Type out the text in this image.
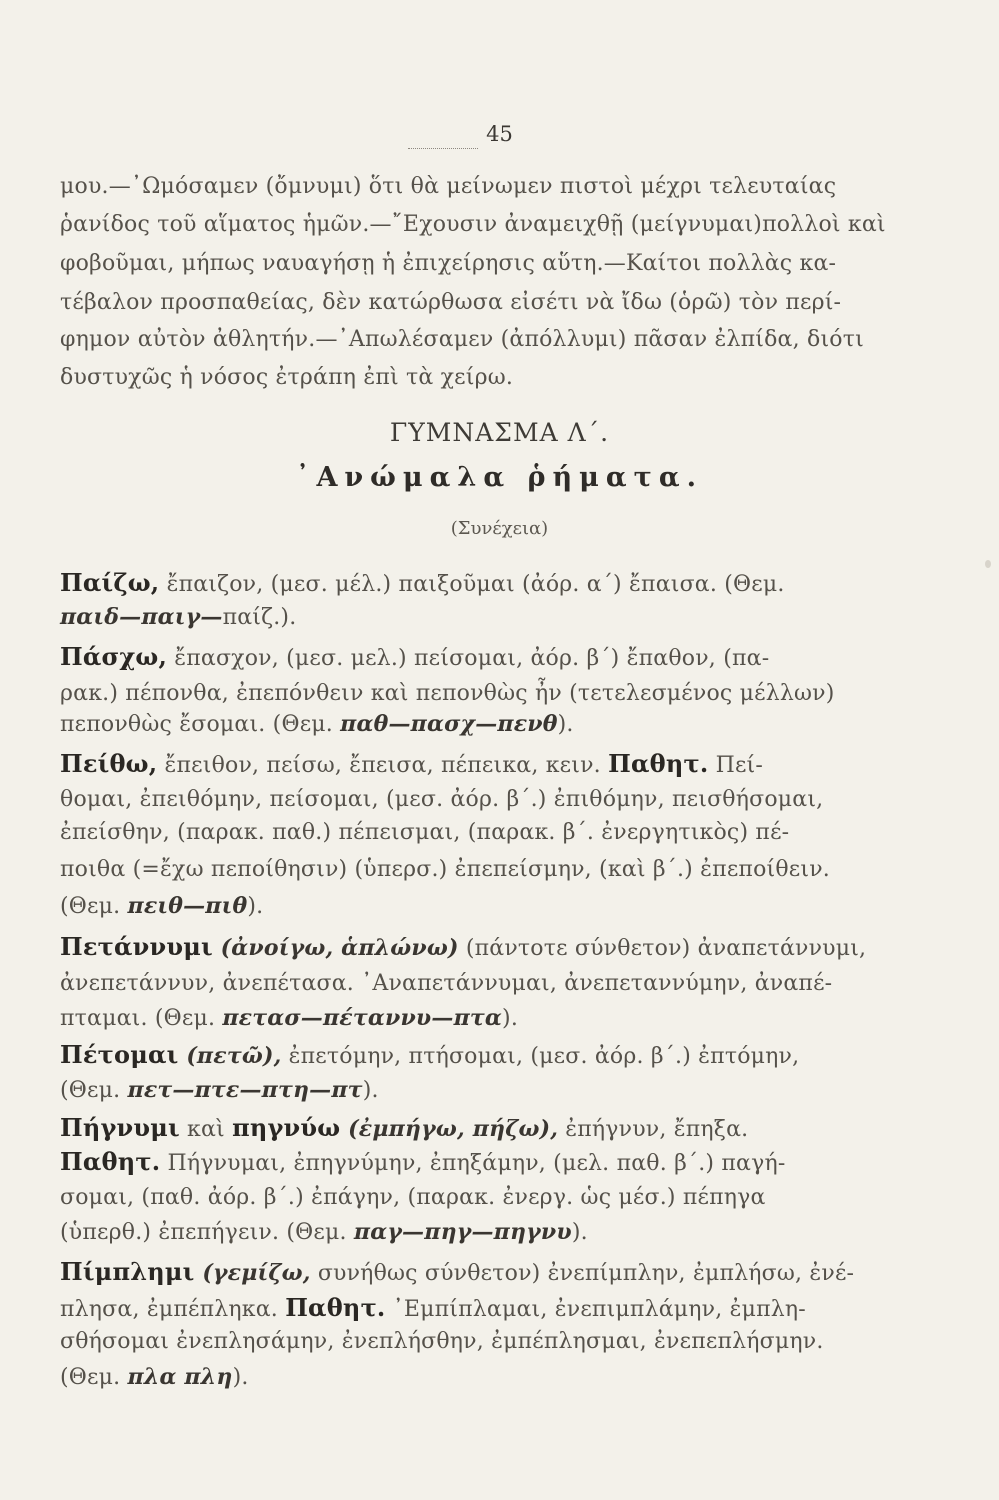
45
μου.—᾽Ωμόσαμεν (ὄμνυμι) ὅτι θὰ μείνωμεν πιστοὶ μέχρι τελευταίας
ῥανίδος τοῦ αἵματος ἡμῶν.—῎Εχουσιν ἀναμειχθῇ (μείγνυμαι)πολλοὶ καὶ
φοβοῦμαι, μήπως ναυαγήσῃ ἡ ἐπιχείρησις αὕτη.—Καίτοι πολλὰς κα-
τέβαλον προσπαθείας, δὲν κατώρθωσα εἰσέτι νὰ ἴδω (ὁρῶ) τὸν περί-
φημον αὐτὸν ἀθλητήν.—᾽Απωλέσαμεν (ἀπόλλυμι) πᾶσαν ἐλπίδα, διότι
δυστυχῶς ἡ νόσος ἐτράπη ἐπὶ τὰ χείρω.
ΓΥΜΝΑΣΜΑ Λ΄.
᾽Ανώμαλα ῥήματα.
(Συνέχεια)
Παίζω, ἔπαιζον, (μεσ. μέλ.) παιξοῦμαι (ἀόρ. α΄) ἔπαισα. (Θεμ.
παιδ—παιγ—παίζ.).
Πάσχω, ἔπασχον, (μεσ. μελ.) πείσομαι, ἀόρ. β΄) ἔπαθον, (πα-
ρακ.) πέπονθα, ἐπεπόνθειν καὶ πεπονθὼς ἦν (τετελεσμένος μέλλων)
πεπονθὼς ἔσομαι. (Θεμ. παθ—πασχ—πενθ).
Πείθω, ἔπειθον, πείσω, ἔπεισα, πέπεικα, κειν. Παθητ. Πεί-
θομαι, ἐπειθόμην, πείσομαι, (μεσ. ἀόρ. β΄.) ἐπιθόμην, πεισθήσομαι,
ἐπείσθην, (παρακ. παθ.) πέπεισμαι, (παρακ. β΄. ἐνεργητικὸς) πέ-
ποιθα (=ἔχω πεποίθησιν) (ὑπερσ.) ἐπεπείσμην, (καὶ β΄.) ἐπεποίθειν.
(Θεμ. πειθ—πιθ).
Πετάννυμι (ἀνοίγω, ἁπλώνω) (πάντοτε σύνθετον) ἀναπετάννυμι,
ἀνεπετάννυν, ἀνεπέτασα. ᾽Αναπετάννυμαι, ἀνεπεταννύμην, ἀναπέ-
πταμαι. (Θεμ. πετασ—πέταννυ—πτα).
Πέτομαι (πετῶ), ἐπετόμην, πτήσομαι, (μεσ. ἀόρ. β΄.) ἐπτόμην,
(Θεμ. πετ—πτε—πτη—πτ).
Πήγνυμι καὶ πηγνύω (ἐμπήγω, πήζω), ἐπήγνυν, ἔπηξα.
Παθητ. Πήγνυμαι, ἐπηγνύμην, ἐπηξάμην, (μελ. παθ. β΄.) παγή-
σομαι, (παθ. ἀόρ. β΄.) ἐπάγην, (παρακ. ἐνεργ. ὡς μέσ.) πέπηγα
(ὑπερθ.) ἐπεπήγειν. (Θεμ. παγ—πηγ—πηγνυ).
Πίμπλημι (γεμίζω, συνήθως σύνθετον) ἐνεπίμπλην, ἐμπλήσω, ἐνέ-
πλησα, ἐμπέπληκα. Παθητ. ᾽Εμπίπλαμαι, ἐνεπιμπλάμην, ἐμπλη-
σθήσομαι ἐνεπλησάμην, ἐνεπλήσθην, ἐμπέπλησμαι, ἐνεπεπλήσμην.
(Θεμ. πλα πλη).
